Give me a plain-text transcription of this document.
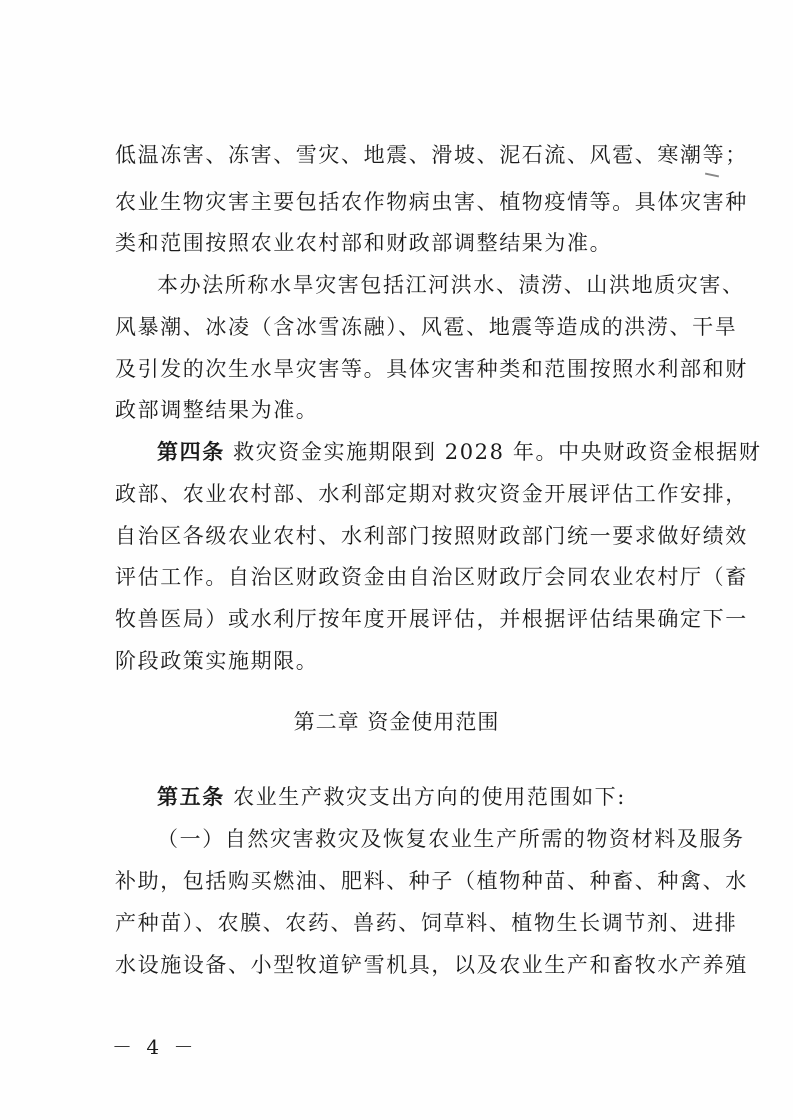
低温冻害、冻害、雪灾、地震、滑坡、泥石流、风雹、寒潮等；
农业生物灾害主要包括农作物病虫害、植物疫情等。具体灾害种
类和范围按照农业农村部和财政部调整结果为准。
本办法所称水旱灾害包括江河洪水、渍涝、山洪地质灾害、
风暴潮、冰凌（含冰雪冻融）、风雹、地震等造成的洪涝、干旱
及引发的次生水旱灾害等。具体灾害种类和范围按照水利部和财
政部调整结果为准。
第四条 救灾资金实施期限到 2028 年。中央财政资金根据财
政部、农业农村部、水利部定期对救灾资金开展评估工作安排，
自治区各级农业农村、水利部门按照财政部门统一要求做好绩效
评估工作。自治区财政资金由自治区财政厅会同农业农村厅（畜
牧兽医局）或水利厅按年度开展评估，并根据评估结果确定下一
阶段政策实施期限。
第二章 资金使用范围
第五条 农业生产救灾支出方向的使用范围如下:
（一）自然灾害救灾及恢复农业生产所需的物资材料及服务
补助，包括购买燃油、肥料、种子（植物种苗、种畜、种禽、水
产种苗）、农膜、农药、兽药、饲草料、植物生长调节剂、进排
水设施设备、小型牧道铲雪机具，以及农业生产和畜牧水产养殖
－ 4 －
